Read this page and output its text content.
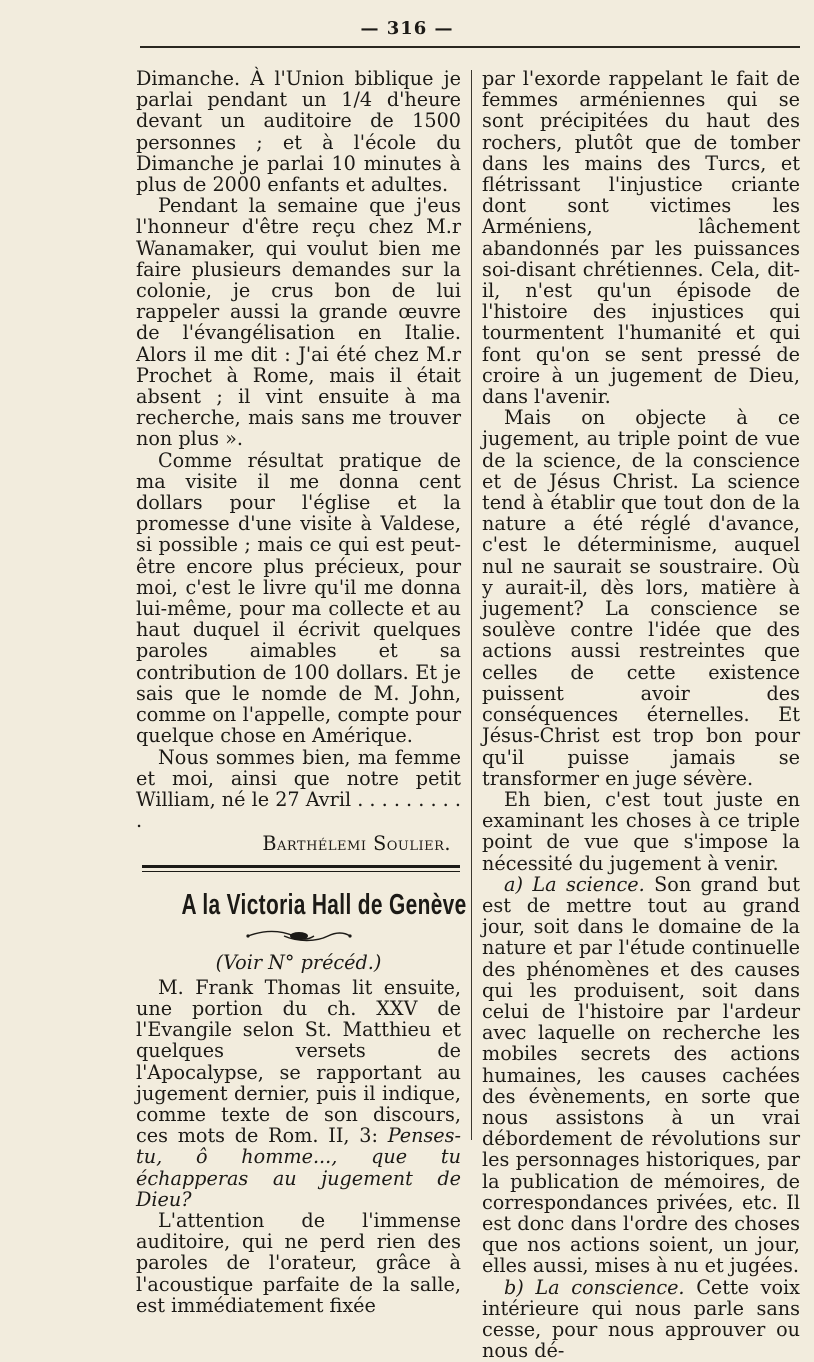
— 316 —

Dimanche. À l'Union biblique je parlai pendant un 1/4 d'heure devant un auditoire de 1500 personnes ; et à l'école du Dimanche je parlai 10 minutes à plus de 2000 enfants et adultes.

Pendant la semaine que j'eus l'honneur d'être reçu chez M.r Wanamaker, qui voulut bien me faire plusieurs demandes sur la colonie, je crus bon de lui rappeler aussi la grande œuvre de l'évangélisation en Italie. Alors il me dit : J'ai été chez M.r Prochet à Rome, mais il était absent ; il vint ensuite à ma recherche, mais sans me trouver non plus ».

Comme résultat pratique de ma visite il me donna cent dollars pour l'église et la promesse d'une visite à Valdese, si possible ; mais ce qui est peut-être encore plus précieux, pour moi, c'est le livre qu'il me donna lui-même, pour ma collecte et au haut duquel il écrivit quelques paroles aimables et sa contribution de 100 dollars. Et je sais que le nomde de M. John, comme on l'appelle, compte pour quelque chose en Amérique.

Nous sommes bien, ma femme et moi, ainsi que notre petit William, né le 27 Avril . . . . . . . . . .

Barthélemi Soulier.

A la Victoria Hall de Genève

(Voir N° précéd.)

M. Frank Thomas lit ensuite, une portion du ch. XXV de l'Evangile selon St. Matthieu et quelques versets de l'Apocalypse, se rapportant au jugement dernier, puis il indique, comme texte de son discours, ces mots de Rom. II, 3: Penses-tu, ô homme..., que tu échapperas au jugement de Dieu?

L'attention de l'immense auditoire, qui ne perd rien des paroles de l'orateur, grâce à l'acoustique parfaite de la salle, est immédiatement fixée

par l'exorde rappelant le fait de femmes arméniennes qui se sont précipitées du haut des rochers, plutôt que de tomber dans les mains des Turcs, et flétrissant l'injustice criante dont sont victimes les Arméniens, lâchement abandonnés par les puissances soi-disant chrétiennes. Cela, dit-il, n'est qu'un épisode de l'histoire des injustices qui tourmentent l'humanité et qui font qu'on se sent pressé de croire à un jugement de Dieu, dans l'avenir.

Mais on objecte à ce jugement, au triple point de vue de la science, de la conscience et de Jésus Christ. La science tend à établir que tout don de la nature a été réglé d'avance, c'est le déterminisme, auquel nul ne saurait se soustraire. Où y aurait-il, dès lors, matière à jugement? La conscience se soulève contre l'idée que des actions aussi restreintes que celles de cette existence puissent avoir des conséquences éternelles. Et Jésus-Christ est trop bon pour qu'il puisse jamais se transformer en juge sévère.

Eh bien, c'est tout juste en examinant les choses à ce triple point de vue que s'impose la nécessité du jugement à venir.

a) La science. Son grand but est de mettre tout au grand jour, soit dans le domaine de la nature et par l'étude continuelle des phénomènes et des causes qui les produisent, soit dans celui de l'histoire par l'ardeur avec laquelle on recherche les mobiles secrets des actions humaines, les causes cachées des évènements, en sorte que nous assistons à un vrai débordement de révolutions sur les personnages historiques, par la publication de mémoires, de correspondances privées, etc. Il est donc dans l'ordre des choses que nos actions soient, un jour, elles aussi, mises à nu et jugées.

b) La conscience. Cette voix intérieure qui nous parle sans cesse, pour nous approuver ou nous dé-
